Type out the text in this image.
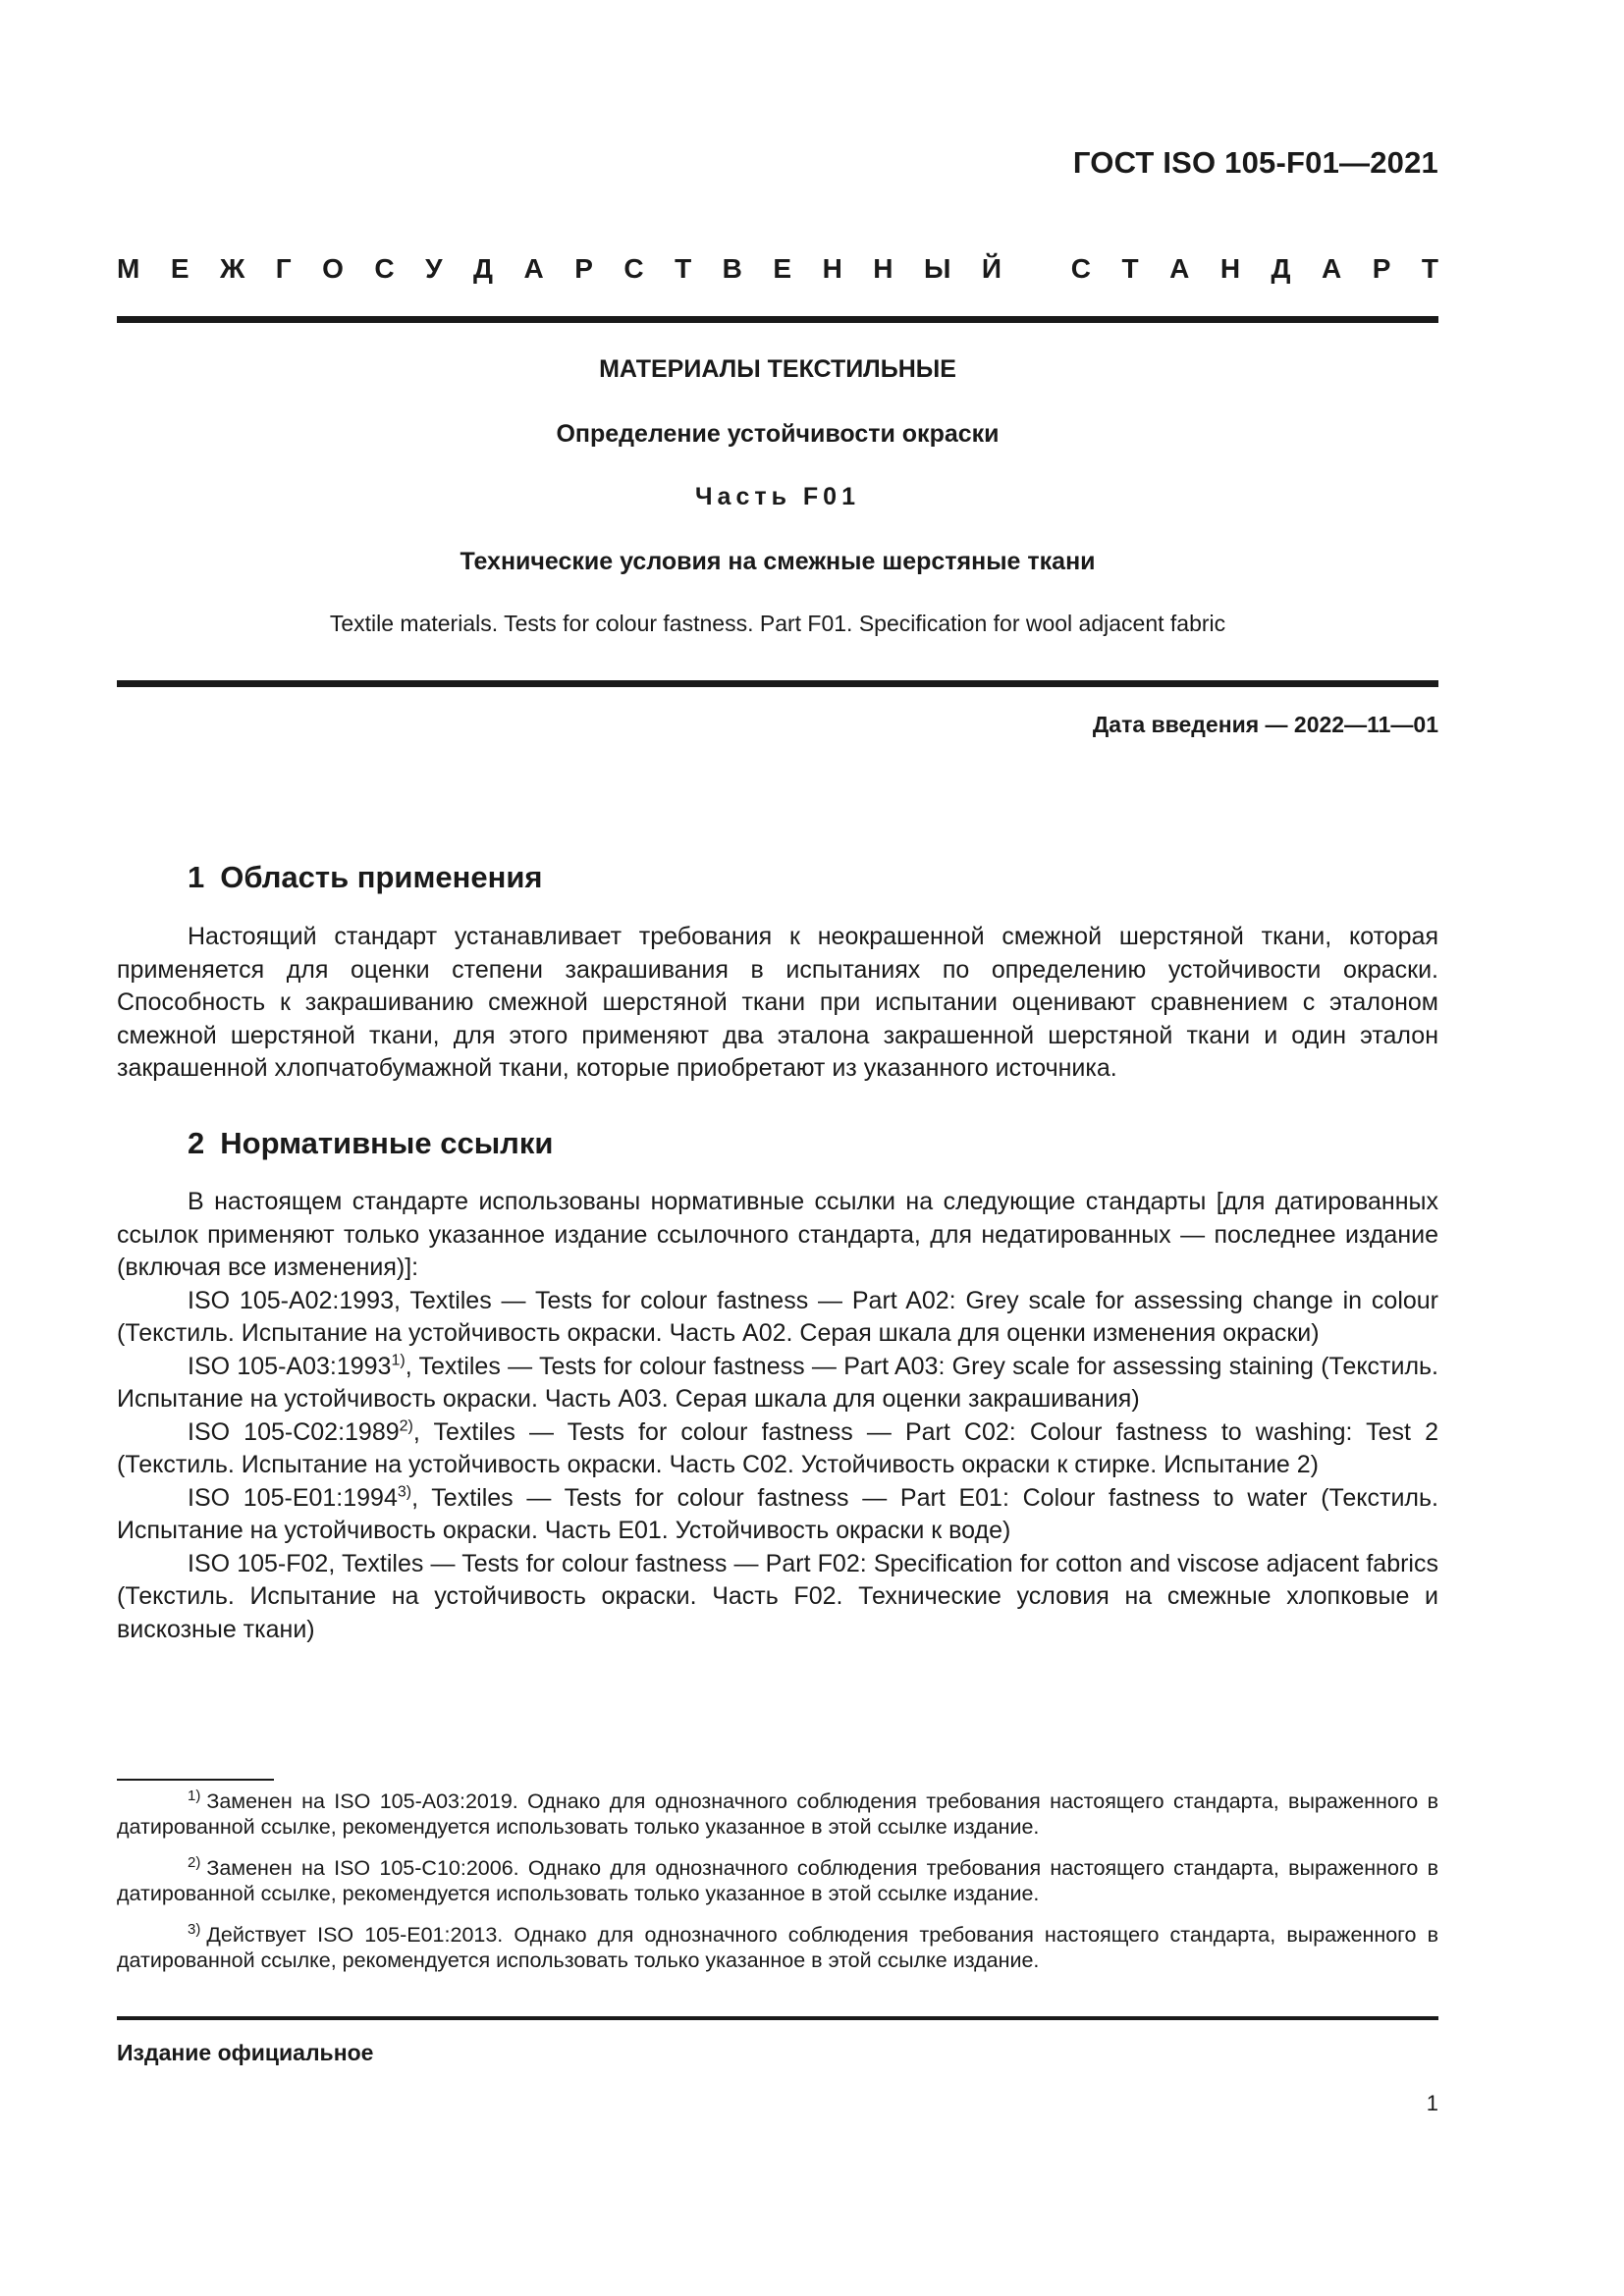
ГОСТ ISO 105-F01—2021
М Е Ж Г О С У Д А Р С Т В Е Н Н Ы Й
	С Т А Н Д А Р Т
МАТЕРИАЛЫ ТЕКСТИЛЬНЫЕ
Определение устойчивости окраски
Часть F01
Технические условия на смежные шерстяные ткани
Textile materials. Tests for colour fastness. Part F01. Specification for wool adjacent fabric
Дата введения — 2022—11—01
1 Область применения

Настоящий стандарт устанавливает требования к неокрашенной смежной шерстяной ткани, которая применяется для оценки степени закрашивания в испытаниях по определению устойчивости окраски. Способность к закрашиванию смежной шерстяной ткани при испытании оценивают сравнением с эталоном смежной шерстяной ткани, для этого применяют два эталона закрашенной шерстяной ткани и один эталон закрашенной хлопчатобумажной ткани, которые приобретают из указанного источника.

2 Нормативные ссылки

В настоящем стандарте использованы нормативные ссылки на следующие стандарты [для датированных ссылок применяют только указанное издание ссылочного стандарта, для недатированных — последнее издание (включая все изменения)]:

ISO 105-A02:1993, Textiles — Tests for colour fastness — Part A02: Grey scale for assessing change in colour (Текстиль. Испытание на устойчивость окраски. Часть A02. Серая шкала для оценки изменения окраски)

ISO 105-A03:1993$^{1)}$, Textiles — Tests for colour fastness — Part A03: Grey scale for assessing staining (Текстиль. Испытание на устойчивость окраски. Часть A03. Серая шкала для оценки закрашивания)

ISO 105-C02:1989$^{2)}$, Textiles — Tests for colour fastness — Part C02: Colour fastness to washing: Test 2 (Текстиль. Испытание на устойчивость окраски. Часть C02. Устойчивость окраски к стирке. Испытание 2)

ISO 105-E01:1994$^{3)}$, Textiles — Tests for colour fastness — Part E01: Colour fastness to water (Текстиль. Испытание на устойчивость окраски. Часть E01. Устойчивость окраски к воде)

ISO 105-F02, Textiles — Tests for colour fastness — Part F02: Specification for cotton and viscose adjacent fabrics (Текстиль. Испытание на устойчивость окраски. Часть F02. Технические условия на смежные хлопковые и вискозные ткани)

$^{1)}$ Заменен на ISO 105-A03:2019. Однако для однозначного соблюдения требования настоящего стандарта, выраженного в датированной ссылке, рекомендуется использовать только указанное в этой ссылке издание.

$^{2)}$ Заменен на ISO 105-C10:2006. Однако для однозначного соблюдения требования настоящего стандарта, выраженного в датированной ссылке, рекомендуется использовать только указанное в этой ссылке издание.

$^{3)}$ Действует ISO 105-E01:2013. Однако для однозначного соблюдения требования настоящего стандарта, выраженного в датированной ссылке, рекомендуется использовать только указанное в этой ссылке издание.

Издание официальное
1
